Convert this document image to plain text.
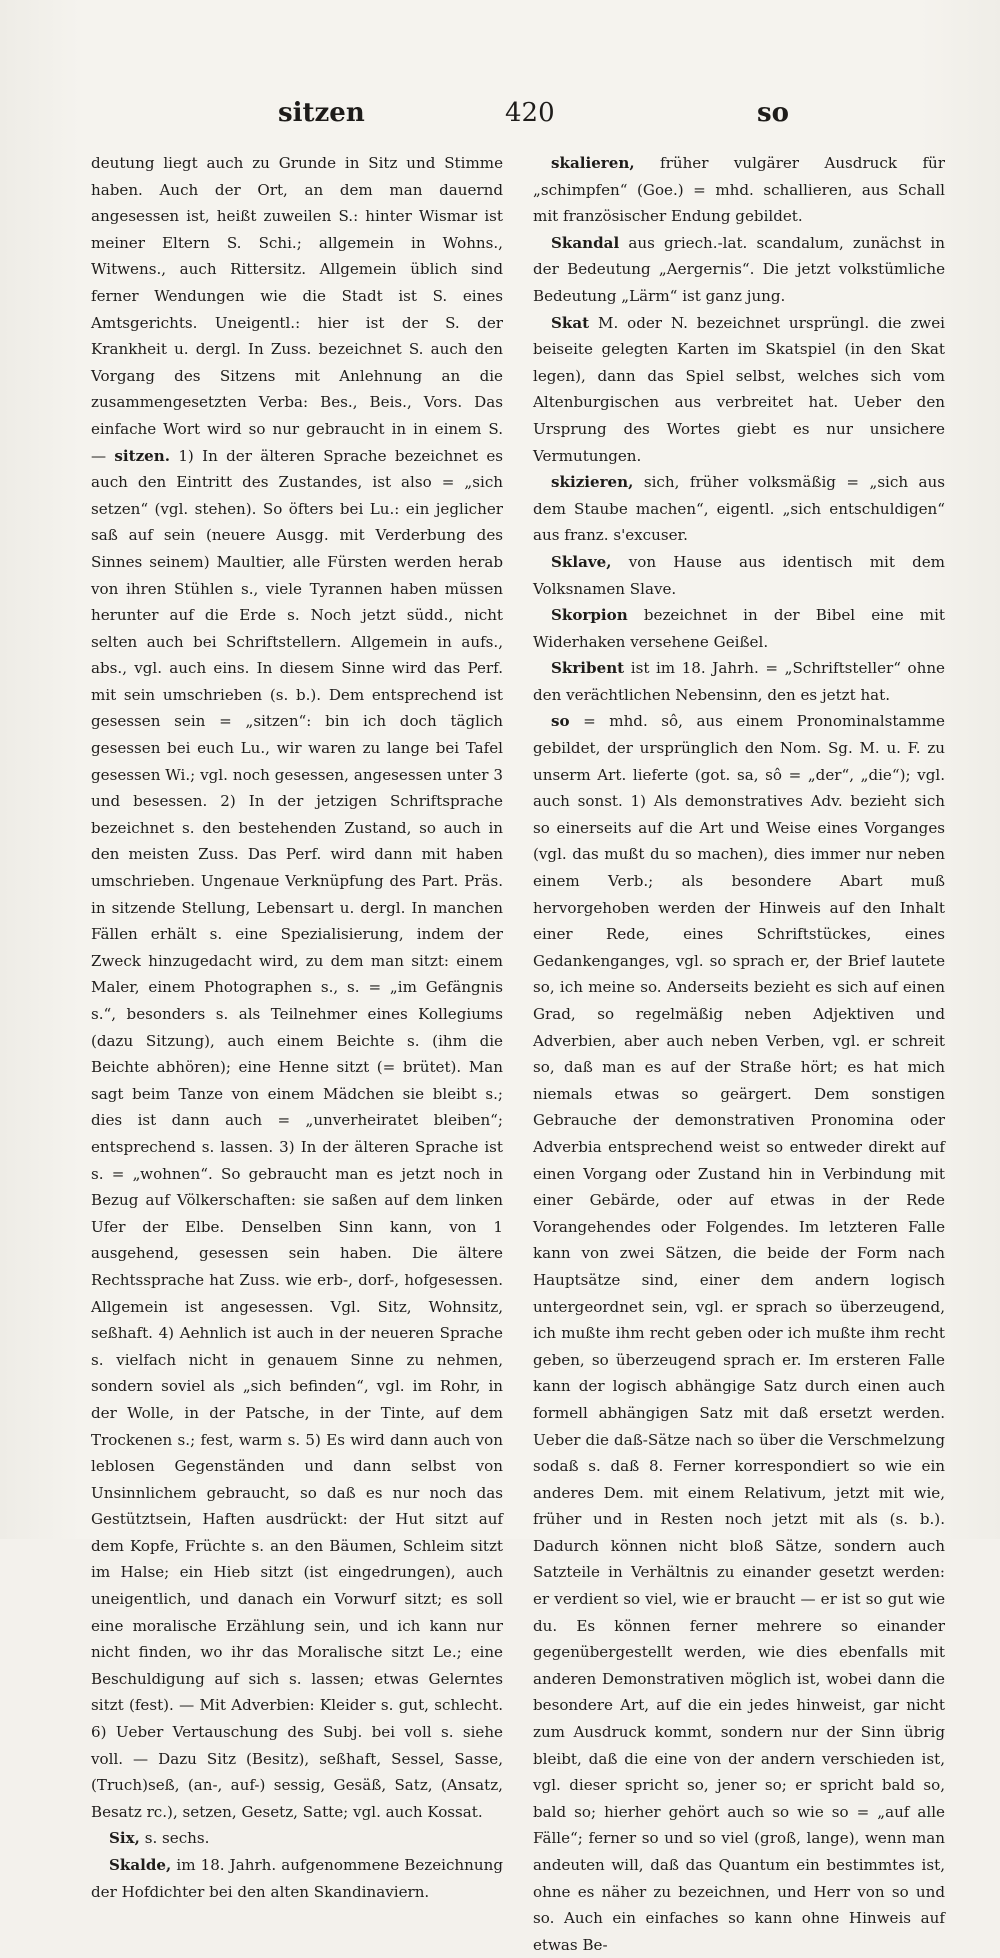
sitzen	420	so

deutung liegt auch zu Grunde in Sitz und Stimme haben. Auch der Ort, an dem man dauernd angesessen ist, heißt zuweilen S.: hinter Wismar ist meiner Eltern S. Schi.; allgemein in Wohns., Witwens., auch Rittersitz. Allgemein üblich sind ferner Wendungen wie die Stadt ist S. eines Amtsgerichts. Uneigentl.: hier ist der S. der Krankheit u. dergl. In Zuss. bezeichnet S. auch den Vorgang des Sitzens mit Anlehnung an die zusammengesetzten Verba: Bes., Beis., Vors. Das einfache Wort wird so nur gebraucht in in einem S. — sitzen. 1) In der älteren Sprache bezeichnet es auch den Eintritt des Zustandes, ist also = „sich setzen“ (vgl. stehen). So öfters bei Lu.: ein jeglicher saß auf sein (neuere Ausgg. mit Verderbung des Sinnes seinem) Maultier, alle Fürsten werden herab von ihren Stühlen s., viele Tyrannen haben müssen herunter auf die Erde s. Noch jetzt südd., nicht selten auch bei Schriftstellern. Allgemein in aufs., abs., vgl. auch eins. In diesem Sinne wird das Perf. mit sein umschrieben (s. b.). Dem entsprechend ist gesessen sein = „sitzen“: bin ich doch täglich gesessen bei euch Lu., wir waren zu lange bei Tafel gesessen Wi.; vgl. noch gesessen, angesessen unter 3 und besessen. 2) In der jetzigen Schriftsprache bezeichnet s. den bestehenden Zustand, so auch in den meisten Zuss. Das Perf. wird dann mit haben umschrieben. Ungenaue Verknüpfung des Part. Präs. in sitzende Stellung, Lebensart u. dergl. In manchen Fällen erhält s. eine Spezialisierung, indem der Zweck hinzugedacht wird, zu dem man sitzt: einem Maler, einem Photographen s., s. = „im Gefängnis s.“, besonders s. als Teilnehmer eines Kollegiums (dazu Sitzung), auch einem Beichte s. (ihm die Beichte abhören); eine Henne sitzt (= brütet). Man sagt beim Tanze von einem Mädchen sie bleibt s.; dies ist dann auch = „unverheiratet bleiben“; entsprechend s. lassen. 3) In der älteren Sprache ist s. = „wohnen“. So gebraucht man es jetzt noch in Bezug auf Völkerschaften: sie saßen auf dem linken Ufer der Elbe. Denselben Sinn kann, von 1 ausgehend, gesessen sein haben. Die ältere Rechtssprache hat Zuss. wie erb-, dorf-, hofgesessen. Allgemein ist angesessen. Vgl. Sitz, Wohnsitz, seßhaft. 4) Aehnlich ist auch in der neueren Sprache s. vielfach nicht in genauem Sinne zu nehmen, sondern soviel als „sich befinden“, vgl. im Rohr, in der Wolle, in der Patsche, in der Tinte, auf dem Trockenen s.; fest, warm s. 5) Es wird dann auch von leblosen Gegenständen und dann selbst von Unsinnlichem gebraucht, so daß es nur noch das Gestütztsein, Haften ausdrückt: der Hut sitzt auf dem Kopfe, Früchte s. an den Bäumen, Schleim sitzt im Halse; ein Hieb sitzt (ist eingedrungen), auch uneigentlich, und danach ein Vorwurf sitzt; es soll eine moralische Erzählung sein, und ich kann nur nicht finden, wo ihr das Moralische sitzt Le.; eine Beschuldigung auf sich s. lassen; etwas Gelerntes sitzt (fest). — Mit Adverbien: Kleider s. gut, schlecht. 6) Ueber Vertauschung des Subj. bei voll s. siehe voll. — Dazu Sitz (Besitz), seßhaft, Sessel, Sasse, (Truch)seß, (an-, auf-) sessig, Gesäß, Satz, (Ansatz, Besatz rc.), setzen, Gesetz, Satte; vgl. auch Kossat.

Six, s. sechs.

Skalde, im 18. Jahrh. aufgenommene Bezeichnung der Hofdichter bei den alten Skandinaviern.

skalieren, früher vulgärer Ausdruck für „schimpfen“ (Goe.) = mhd. schallieren, aus Schall mit französischer Endung gebildet.

Skandal aus griech.-lat. scandalum, zunächst in der Bedeutung „Aergernis“. Die jetzt volkstümliche Bedeutung „Lärm“ ist ganz jung.

Skat M. oder N. bezeichnet ursprüngl. die zwei beiseite gelegten Karten im Skatspiel (in den Skat legen), dann das Spiel selbst, welches sich vom Altenburgischen aus verbreitet hat. Ueber den Ursprung des Wortes giebt es nur unsichere Vermutungen.

skizieren, sich, früher volksmäßig = „sich aus dem Staube machen“, eigentl. „sich entschuldigen“ aus franz. s'excuser.

Sklave, von Hause aus identisch mit dem Volksnamen Slave.

Skorpion bezeichnet in der Bibel eine mit Widerhaken versehene Geißel.

Skribent ist im 18. Jahrh. = „Schriftsteller“ ohne den verächtlichen Nebensinn, den es jetzt hat.

so = mhd. sô, aus einem Pronominalstamme gebildet, der ursprünglich den Nom. Sg. M. u. F. zu unserm Art. lieferte (got. sa, sô = „der“, „die“); vgl. auch sonst. 1) Als demonstratives Adv. bezieht sich so einerseits auf die Art und Weise eines Vorganges (vgl. das mußt du so machen), dies immer nur neben einem Verb.; als besondere Abart muß hervorgehoben werden der Hinweis auf den Inhalt einer Rede, eines Schriftstückes, eines Gedankenganges, vgl. so sprach er, der Brief lautete so, ich meine so. Anderseits bezieht es sich auf einen Grad, so regelmäßig neben Adjektiven und Adverbien, aber auch neben Verben, vgl. er schreit so, daß man es auf der Straße hört; es hat mich niemals etwas so geärgert. Dem sonstigen Gebrauche der demonstrativen Pronomina oder Adverbia entsprechend weist so entweder direkt auf einen Vorgang oder Zustand hin in Verbindung mit einer Gebärde, oder auf etwas in der Rede Vorangehendes oder Folgendes. Im letzteren Falle kann von zwei Sätzen, die beide der Form nach Hauptsätze sind, einer dem andern logisch untergeordnet sein, vgl. er sprach so überzeugend, ich mußte ihm recht geben oder ich mußte ihm recht geben, so überzeugend sprach er. Im ersteren Falle kann der logisch abhängige Satz durch einen auch formell abhängigen Satz mit daß ersetzt werden. Ueber die daß-Sätze nach so über die Verschmelzung sodaß s. daß 8. Ferner korrespondiert so wie ein anderes Dem. mit einem Relativum, jetzt mit wie, früher und in Resten noch jetzt mit als (s. b.). Dadurch können nicht bloß Sätze, sondern auch Satzteile in Verhältnis zu einander gesetzt werden: er verdient so viel, wie er braucht — er ist so gut wie du. Es können ferner mehrere so einander gegenübergestellt werden, wie dies ebenfalls mit anderen Demonstrativen möglich ist, wobei dann die besondere Art, auf die ein jedes hinweist, gar nicht zum Ausdruck kommt, sondern nur der Sinn übrig bleibt, daß die eine von der andern verschieden ist, vgl. dieser spricht so, jener so; er spricht bald so, bald so; hierher gehört auch so wie so = „auf alle Fälle“; ferner so und so viel (groß, lange), wenn man andeuten will, daß das Quantum ein bestimmtes ist, ohne es näher zu bezeichnen, und Herr von so und so. Auch ein einfaches so kann ohne Hinweis auf etwas Be-
